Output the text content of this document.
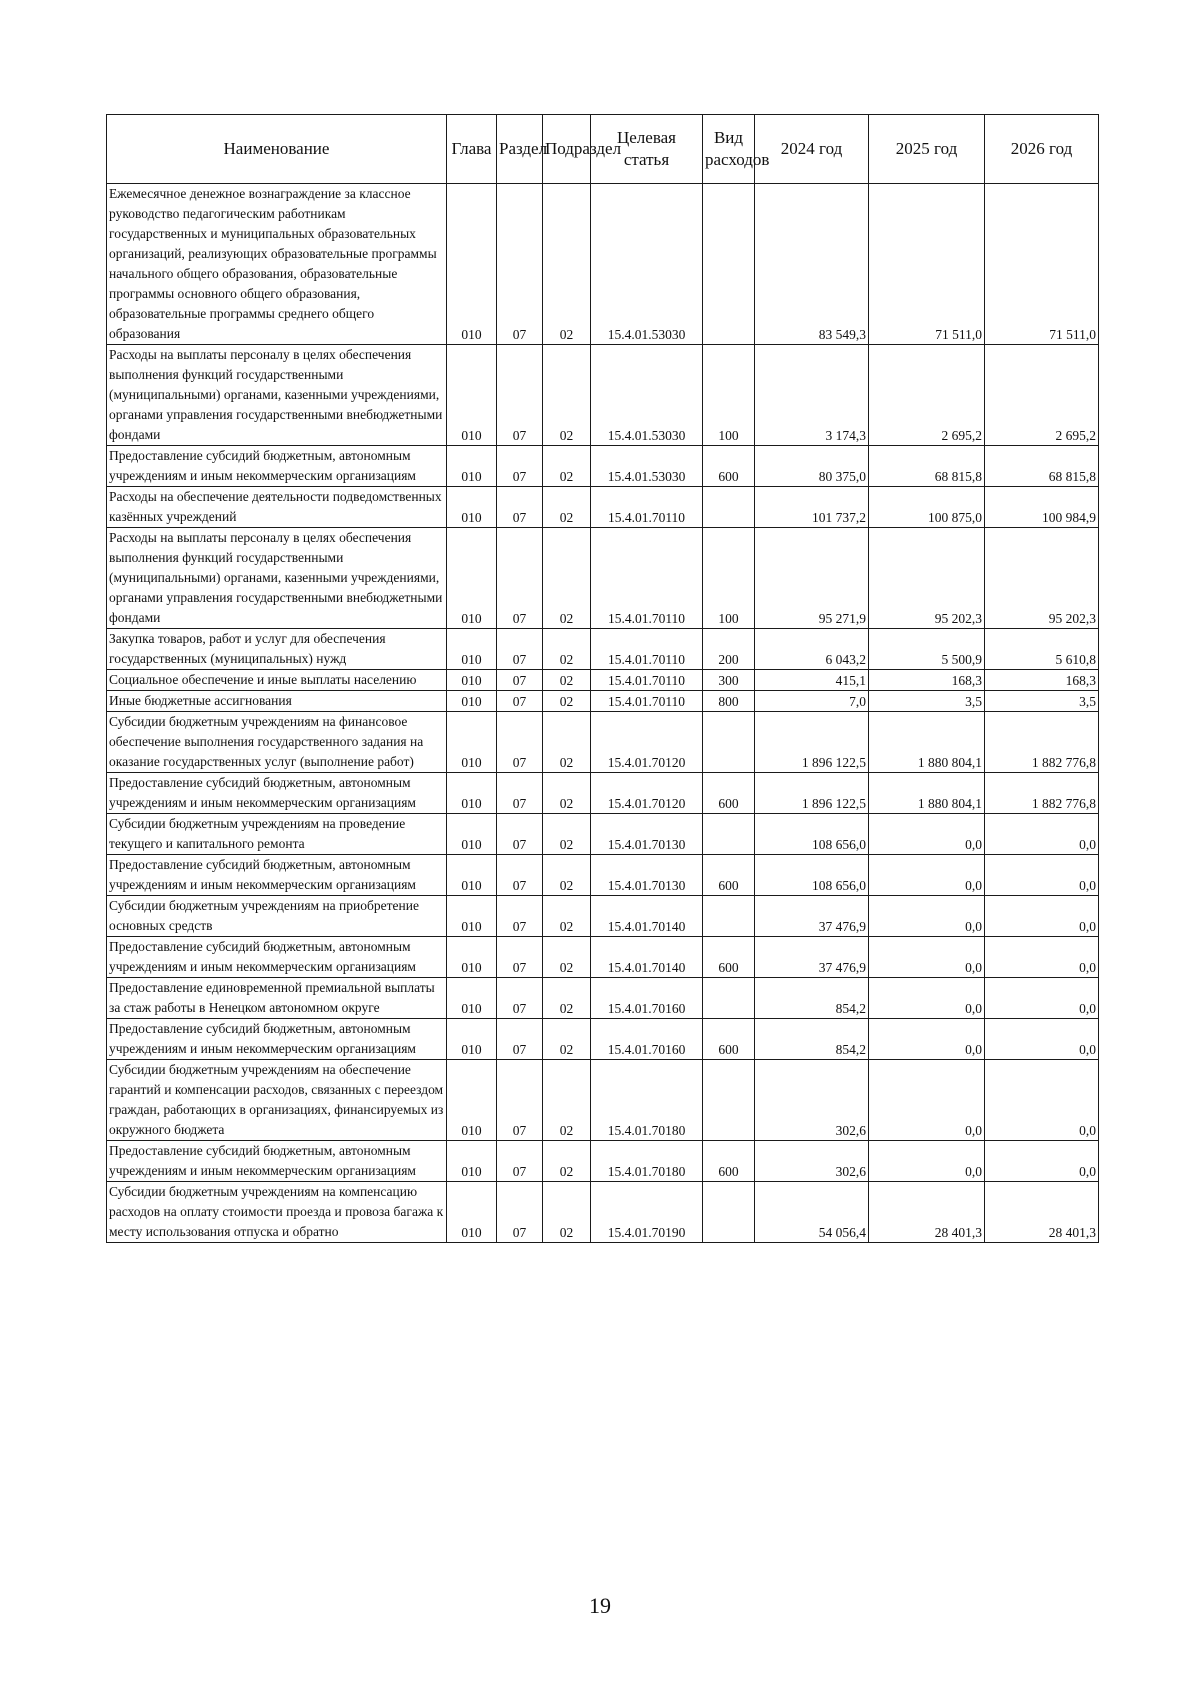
Наименование	Глава	Раздел	Подраздел	Целевая статья	Вид расходов	2024 год	2025 год	2026 год
Ежемесячное денежное вознаграждение за классное руководство педагогическим работникам государственных и муниципальных образовательных организаций, реализующих образовательные программы начального общего образования, образовательные программы основного общего образования, образовательные программы среднего общего образования	010	07	02	15.4.01.53030		83 549,3	71 511,0	71 511,0
Расходы на выплаты персоналу в целях обеспечения выполнения функций государственными (муниципальными) органами, казенными учреждениями, органами управления государственными внебюджетными фондами	010	07	02	15.4.01.53030	100	3 174,3	2 695,2	2 695,2
Предоставление субсидий бюджетным, автономным учреждениям и иным некоммерческим организациям	010	07	02	15.4.01.53030	600	80 375,0	68 815,8	68 815,8
Расходы на обеспечение деятельности подведомственных казённых учреждений	010	07	02	15.4.01.70110		101 737,2	100 875,0	100 984,9
Расходы на выплаты персоналу в целях обеспечения выполнения функций государственными (муниципальными) органами, казенными учреждениями, органами управления государственными внебюджетными фондами	010	07	02	15.4.01.70110	100	95 271,9	95 202,3	95 202,3
Закупка товаров, работ и услуг для обеспечения государственных (муниципальных) нужд	010	07	02	15.4.01.70110	200	6 043,2	5 500,9	5 610,8
Социальное обеспечение и иные выплаты населению	010	07	02	15.4.01.70110	300	415,1	168,3	168,3
Иные бюджетные ассигнования	010	07	02	15.4.01.70110	800	7,0	3,5	3,5
Субсидии бюджетным учреждениям на финансовое обеспечение выполнения государственного задания на оказание государственных услуг (выполнение работ)	010	07	02	15.4.01.70120		1 896 122,5	1 880 804,1	1 882 776,8
Предоставление субсидий бюджетным, автономным учреждениям и иным некоммерческим организациям	010	07	02	15.4.01.70120	600	1 896 122,5	1 880 804,1	1 882 776,8
Субсидии бюджетным учреждениям на проведение текущего и капитального ремонта	010	07	02	15.4.01.70130		108 656,0	0,0	0,0
Предоставление субсидий бюджетным, автономным учреждениям и иным некоммерческим организациям	010	07	02	15.4.01.70130	600	108 656,0	0,0	0,0
Субсидии бюджетным учреждениям на приобретение основных средств	010	07	02	15.4.01.70140		37 476,9	0,0	0,0
Предоставление субсидий бюджетным, автономным учреждениям и иным некоммерческим организациям	010	07	02	15.4.01.70140	600	37 476,9	0,0	0,0
Предоставление единовременной премиальной выплаты за стаж работы в Ненецком автономном округе	010	07	02	15.4.01.70160		854,2	0,0	0,0
Предоставление субсидий бюджетным, автономным учреждениям и иным некоммерческим организациям	010	07	02	15.4.01.70160	600	854,2	0,0	0,0
Субсидии бюджетным учреждениям на обеспечение гарантий и компенсации расходов, связанных с переездом граждан, работающих в организациях, финансируемых из окружного бюджета	010	07	02	15.4.01.70180		302,6	0,0	0,0
Предоставление субсидий бюджетным, автономным учреждениям и иным некоммерческим организациям	010	07	02	15.4.01.70180	600	302,6	0,0	0,0
Субсидии бюджетным учреждениям на компенсацию расходов на оплату стоимости проезда и провоза багажа к месту использования отпуска и обратно	010	07	02	15.4.01.70190		54 056,4	28 401,3	28 401,3
19
